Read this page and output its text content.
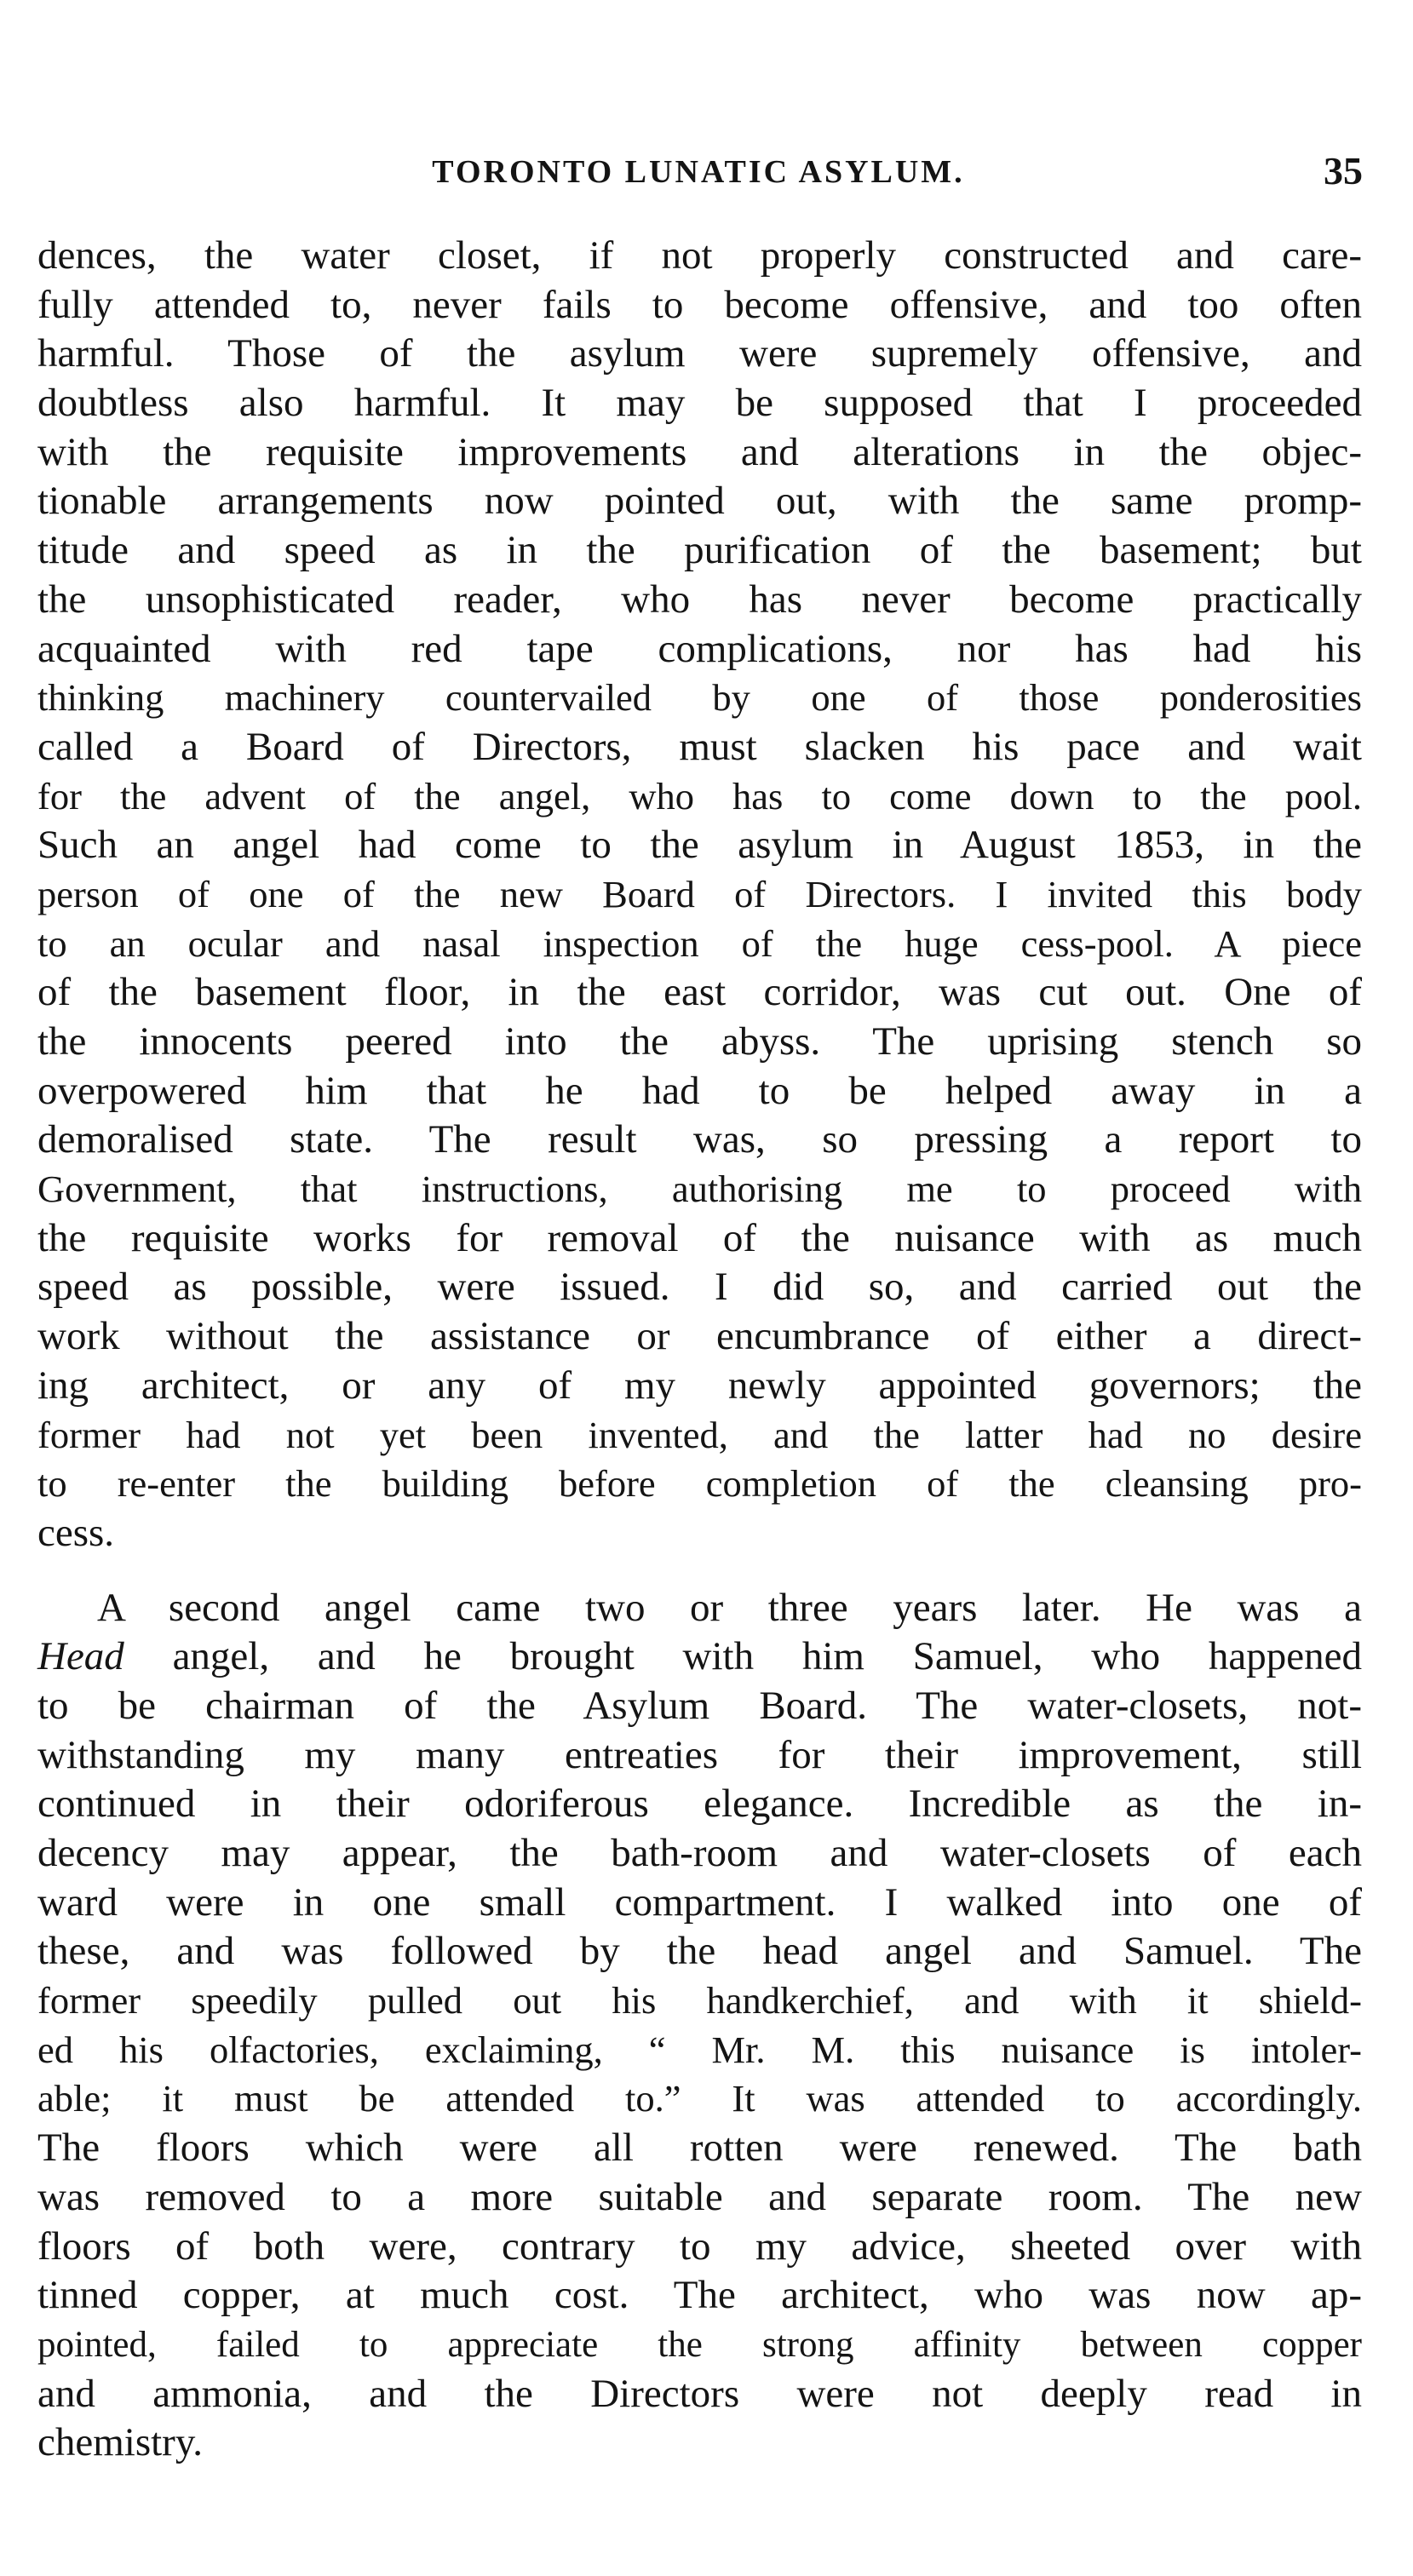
TORONTO LUNATIC ASYLUM.	35
dences, the water closet, if not properly constructed and care-
fully attended to, never fails to become offensive, and too often
harmful. Those of the asylum were supremely offensive, and
doubtless also harmful. It may be supposed that I proceeded
with the requisite improvements and alterations in the objec-
tionable arrangements now pointed out, with the same promp-
titude and speed as in the purification of the basement; but
the unsophisticated reader, who has never become practically
acquainted with red tape complications, nor has had his
thinking machinery countervailed by one of those ponderosities
called a Board of Directors, must slacken his pace and wait
for the advent of the angel, who has to come down to the pool.
Such an angel had come to the asylum in August 1853, in the
person of one of the new Board of Directors. I invited this body
to an ocular and nasal inspection of the huge cess-pool. A piece
of the basement floor, in the east corridor, was cut out. One of
the innocents peered into the abyss. The uprising stench so
overpowered him that he had to be helped away in a
demoralised state. The result was, so pressing a report to
Government, that instructions, authorising me to proceed with
the requisite works for removal of the nuisance with as much
speed as possible, were issued. I did so, and carried out the
work without the assistance or encumbrance of either a direct-
ing architect, or any of my newly appointed governors; the
former had not yet been invented, and the latter had no desire
to re-enter the building before completion of the cleansing pro-
cess.
A second angel came two or three years later. He was a
Head angel, and he brought with him Samuel, who happened
to be chairman of the Asylum Board. The water-closets, not-
withstanding my many entreaties for their improvement, still
continued in their odoriferous elegance. Incredible as the in-
decency may appear, the bath-room and water-closets of each
ward were in one small compartment. I walked into one of
these, and was followed by the head angel and Samuel. The
former speedily pulled out his handkerchief, and with it shield-
ed his olfactories, exclaiming, “ Mr. M. this nuisance is intoler-
able; it must be attended to.” It was attended to accordingly.
The floors which were all rotten were renewed. The bath
was removed to a more suitable and separate room. The new
floors of both were, contrary to my advice, sheeted over with
tinned copper, at much cost. The architect, who was now ap-
pointed, failed to appreciate the strong affinity between copper
and ammonia, and the Directors were not deeply read in
chemistry.
